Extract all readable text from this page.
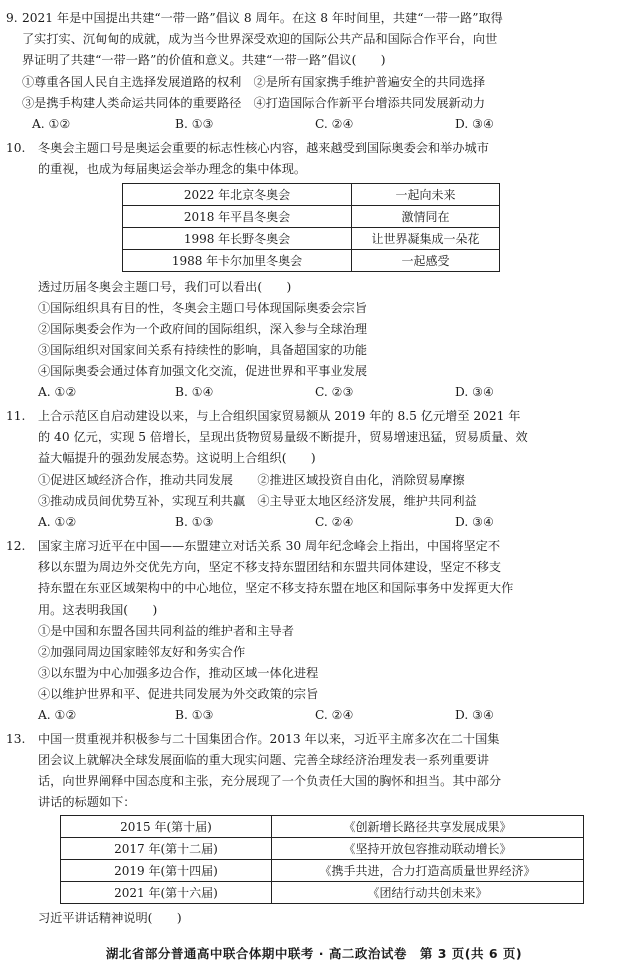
9. 2021 年是中国提出共建“一带一路”倡议 8 周年。在这 8 年时间里，共建“一带一路”取得
了实打实、沉甸甸的成就，成为当今世界深受欢迎的国际公共产品和国际合作平台，向世
界证明了共建“一带一路”的价值和意义。共建“一带一路”倡议(　　)
①尊重各国人民自主选择发展道路的权利　②是所有国家携手维护普遍安全的共同选择
③是携手构建人类命运共同体的重要路径　④打造国际合作新平台增添共同发展新动力
A. ①②	B. ①③	C. ②④	D. ③④
10. 冬奥会主题口号是奥运会重要的标志性核心内容，越来越受到国际奥委会和举办城市
的重视，也成为每届奥运会举办理念的集中体现。
2022 年北京冬奥会	一起向未来
2018 年平昌冬奥会	激情同在
1998 年长野冬奥会	让世界凝集成一朵花
1988 年卡尔加里冬奥会	一起感受
透过历届冬奥会主题口号，我们可以看出(　　)
①国际组织具有目的性，冬奥会主题口号体现国际奥委会宗旨
②国际奥委会作为一个政府间的国际组织，深入参与全球治理
③国际组织对国家间关系有持续性的影响，具备超国家的功能
④国际奥委会通过体育加强文化交流，促进世界和平事业发展
A. ①②	B. ①④	C. ②③	D. ③④
11. 上合示范区自启动建设以来，与上合组织国家贸易额从 2019 年的 8.5 亿元增至 2021 年
的 40 亿元，实现 5 倍增长，呈现出货物贸易量级不断提升，贸易增速迅猛，贸易质量、效
益大幅提升的强劲发展态势。这说明上合组织(　　)
①促进区域经济合作，推动共同发展　　②推进区域投资自由化，消除贸易摩擦
③推动成员间优势互补，实现互利共赢　④主导亚太地区经济发展，维护共同利益
A. ①②	B. ①③	C. ②④	D. ③④
12. 国家主席习近平在中国——东盟建立对话关系 30 周年纪念峰会上指出，中国将坚定不
移以东盟为周边外交优先方向，坚定不移支持东盟团结和东盟共同体建设，坚定不移支
持东盟在东亚区域架构中的中心地位，坚定不移支持东盟在地区和国际事务中发挥更大作
用。这表明我国(　　)
①是中国和东盟各国共同利益的维护者和主导者
②加强同周边国家睦邻友好和务实合作
③以东盟为中心加强多边合作，推动区域一体化进程
④以维护世界和平、促进共同发展为外交政策的宗旨
A. ①②	B. ①③	C. ②④	D. ③④
13. 中国一贯重视并积极参与二十国集团合作。2013 年以来，习近平主席多次在二十国集
团会议上就解决全球发展面临的重大现实问题、完善全球经济治理发表一系列重要讲
话，向世界阐释中国态度和主张，充分展现了一个负责任大国的胸怀和担当。其中部分
讲话的标题如下：
2015 年(第十届)	《创新增长路径共享发展成果》
2017 年(第十二届)	《坚持开放包容推动联动增长》
2019 年(第十四届)	《携手共进，合力打造高质量世界经济》
2021 年(第十六届)	《团结行动共创未来》
习近平讲话精神说明(　　)
湖北省部分普通高中联合体期中联考 · 高二政治试卷　第 3 页(共 6 页)
